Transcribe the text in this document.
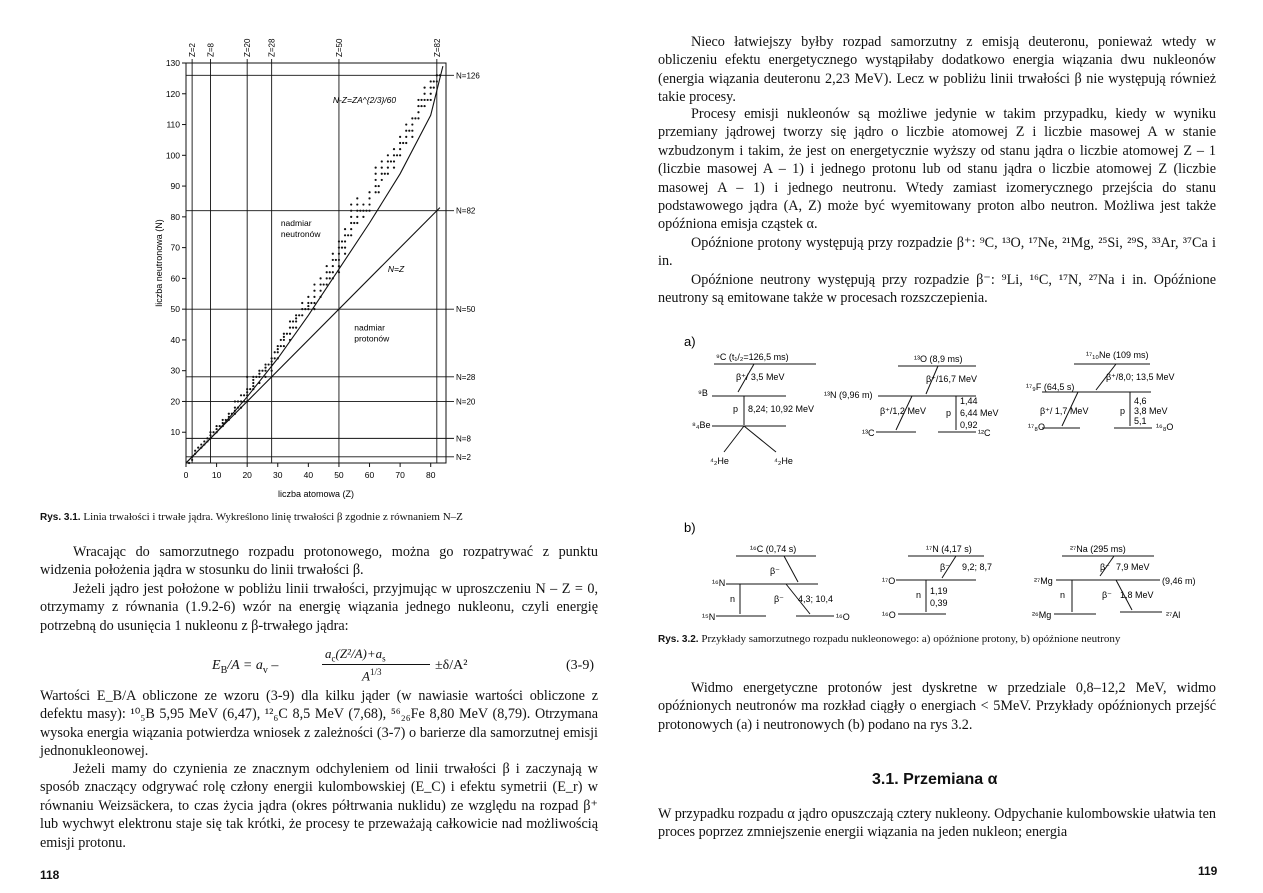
10
20
30
40
50
60
70
80
90
100
110
120
130
0	10 20 30 40 50 60 70 80
liczba atomowa (Z)
liczba neutronowa (N)
Z=2 Z=8	Z=20 Z=28	Z=50	Z=82
N=126
N=82
N=50
N=28
N=20
N=8
N=2
N-Z=ZA^{2/3}/60
nadmiar
neutronów
nadmiar
protonów
N=Z

Rys. 3.1. Linia trwałości i trwałe jądra. Wykreślono linię trwałości β zgodnie z równaniem N–Z

Wracając do samorzutnego rozpadu protonowego, można go rozpatrywać z punktu widzenia położenia jądra w stosunku do linii trwałości β.

Jeżeli jądro jest położone w pobliżu linii trwałości, przyjmując w uproszczeniu N – Z = 0, otrzymamy z równania (1.9.2-6) wzór na energię wiązania jednego nukleonu, czyli energię potrzebną do usunięcia 1 nukleonu z β-trwałego jądra:

$E_B/A = a_v$ –
$a_c(Z^2/A)+a_s$
$A^{1/3}$	±δ/A²	(3-9)

Wartości E_B/A obliczone ze wzoru (3-9) dla kilku jąder (w nawiasie wartości obliczone z defektu masy): ¹⁰₅B 5,95 MeV (6,47), ¹²₆C 8,5 MeV (7,68), ⁵⁶₂₆Fe 8,80 MeV (8,79). Otrzymana wysoka energia wiązania potwierdza wniosek z zależności (3-7) o barierze dla samorzutnej emisji jednonukleonowej.

Jeżeli mamy do czynienia ze znacznym odchyleniem od linii trwałości β i zaczynają w sposób znaczący odgrywać rolę człony energii kulombowskiej (E_C) i efektu symetrii (E_r) w równaniu Weizsäckera, to czas życia jądra (okres półtrwania nuklidu) ze względu na rozpad β⁺ lub wychwyt elektronu staje się tak krótki, że procesy te przeważają całkowicie nad możliwością emisji protonu.

118

Nieco łatwiejszy byłby rozpad samorzutny z emisją deuteronu, ponieważ wtedy w obliczeniu efektu energetycznego wystąpiłaby dodatkowo energia wiązania dwu nukleonów (energia wiązania deuteronu 2,23 MeV). Lecz w pobliżu linii trwałości β nie występują również takie procesy.

Procesy emisji nukleonów są możliwe jedynie w takim przypadku, kiedy w wyniku przemiany jądrowej tworzy się jądro o liczbie atomowej Z i liczbie masowej A w stanie wzbudzonym i takim, że jest on energetycznie wyższy od stanu jądra o liczbie atomowej Z – 1 (liczbie masowej A – 1) i jednego protonu lub od stanu jądra o liczbie atomowej Z (liczbie masowej A – 1) i jednego neutronu. Wtedy zamiast izomerycznego przejścia do stanu podstawowego jądra (A, Z) może być wyemitowany proton albo neutron. Możliwa jest także opóźniona emisja cząstek α.

Opóźnione protony występują przy rozpadzie β⁺: ⁹C, ¹³O, ¹⁷Ne, ²¹Mg, ²⁵Si, ²⁹S, ³³Ar, ³⁷Ca i in.

Opóźnione neutrony występują przy rozpadzie β⁻: ⁹Li, ¹⁶C, ¹⁷N, ²⁷Na i in. Opóźnione neutrony są emitowane także w procesach rozszczepienia.

a)
b)
⁹C (t₁/₂=126,5 ms)
β⁺/ 3,5 MeV
⁹B
p 8,24; 10,92 MeV
⁸₄Be
⁴₂He	⁴₂He
¹³O (8,9 ms)
β⁺/16,7 MeV
¹³N (9,96 m)
β⁺/1,2 MeV p
1,44
6,44 MeV
0,92
¹³C	¹²C
¹⁷₁₀Ne (109 ms)
β⁺/8,0; 13,5 MeV
¹⁷₉F (64,5 s)
β⁺/ 1,7 MeV	p
4,6
3,8 MeV
5,1
¹⁷₈O	¹⁶₈O
¹⁶C (0,74 s)
β⁻
¹⁶N
n	β⁻ 4,3; 10,4
¹⁵N	¹⁶O
¹⁷N (4,17 s)
β⁻ 9,2; 8,7
¹⁷O
n 1,19
0,39
¹⁶O
²⁷Na (295 ms)
β⁻ 7,9 MeV
²⁷Mg	(9,46 m)
n	β⁻ 1,8 MeV
²⁶Mg	²⁷Al

Rys. 3.2. Przykłady samorzutnego rozpadu nukleonowego: a) opóźnione protony, b) opóźnione neutrony

Widmo energetyczne protonów jest dyskretne w przedziale 0,8–12,2 MeV, widmo opóźnionych neutronów ma rozkład ciągły o energiach < 5MeV. Przykłady opóźnionych przejść protonowych (a) i neutronowych (b) podano na rys 3.2.

3.1. Przemiana α

W przypadku rozpadu α jądro opuszczają cztery nukleony. Odpychanie kulombowskie ułatwia ten proces poprzez zmniejszenie energii wiązania na jeden nukleon; energia

119
